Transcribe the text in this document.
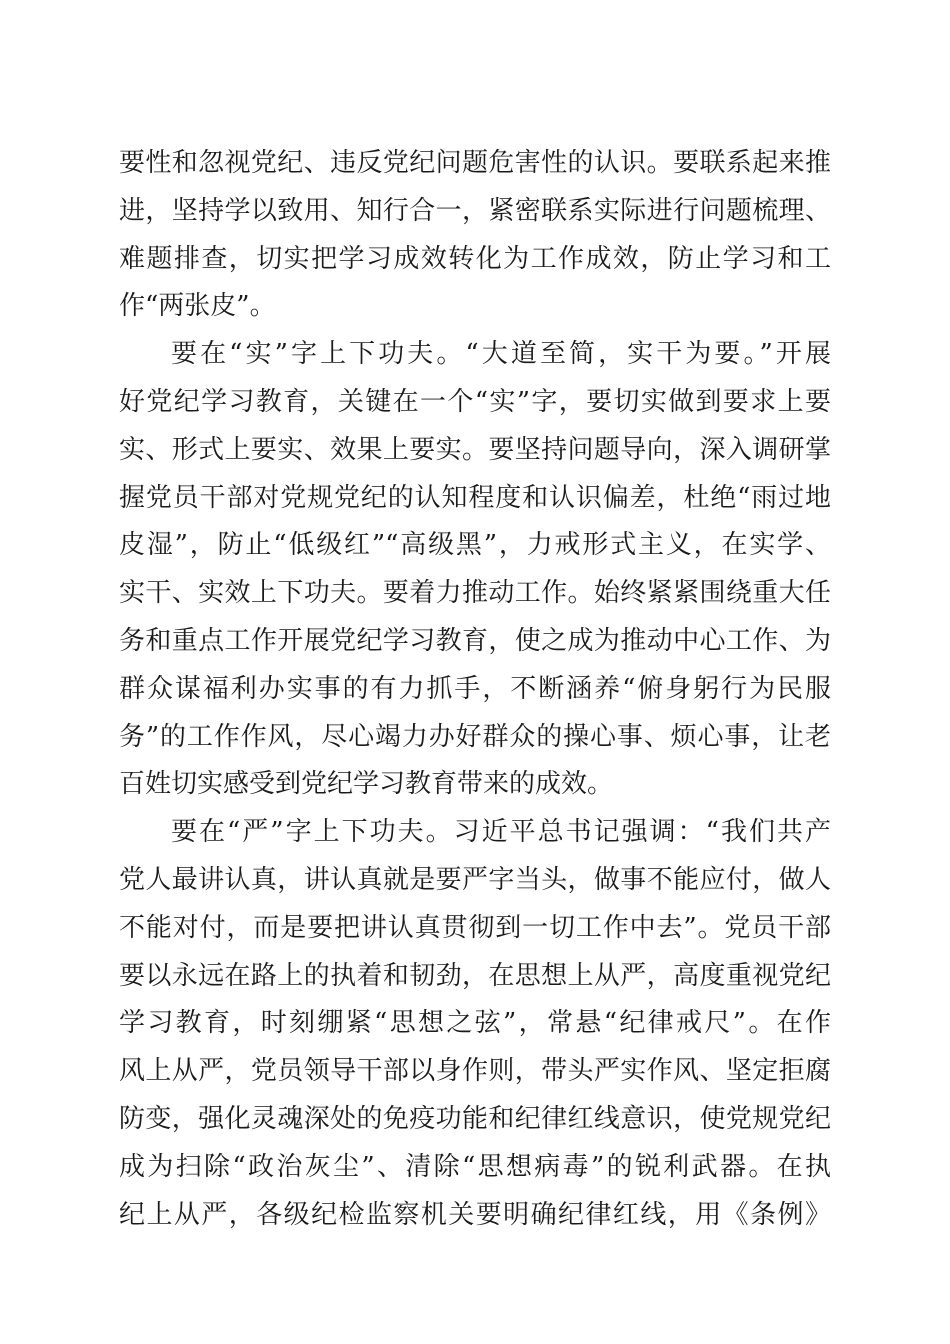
要性和忽视党纪、违反党纪问题危害性的认识。要联系起来推
进，坚持学以致用、知行合一，紧密联系实际进行问题梳理、
难题排查，切实把学习成效转化为工作成效，防止学习和工
作“两张皮”。
要在“实”字上下功夫。“大道至简，实干为要。”开展
好党纪学习教育，关键在一个“实”字，要切实做到要求上要
实、形式上要实、效果上要实。要坚持问题导向，深入调研掌
握党员干部对党规党纪的认知程度和认识偏差，杜绝“雨过地
皮湿”，防止“低级红”“高级黑”，力戒形式主义，在实学、
实干、实效上下功夫。要着力推动工作。始终紧紧围绕重大任
务和重点工作开展党纪学习教育，使之成为推动中心工作、为
群众谋福利办实事的有力抓手，不断涵养“俯身躬行为民服
务”的工作作风，尽心竭力办好群众的操心事、烦心事，让老
百姓切实感受到党纪学习教育带来的成效。
要在“严”字上下功夫。习近平总书记强调：“我们共产
党人最讲认真，讲认真就是要严字当头，做事不能应付，做人
不能对付，而是要把讲认真贯彻到一切工作中去”。党员干部
要以永远在路上的执着和韧劲，在思想上从严，高度重视党纪
学习教育，时刻绷紧“思想之弦”，常悬“纪律戒尺”。在作
风上从严，党员领导干部以身作则，带头严实作风、坚定拒腐
防变，强化灵魂深处的免疫功能和纪律红线意识，使党规党纪
成为扫除“政治灰尘”、清除“思想病毒”的锐利武器。在执
纪上从严，各级纪检监察机关要明确纪律红线，用《条例》
